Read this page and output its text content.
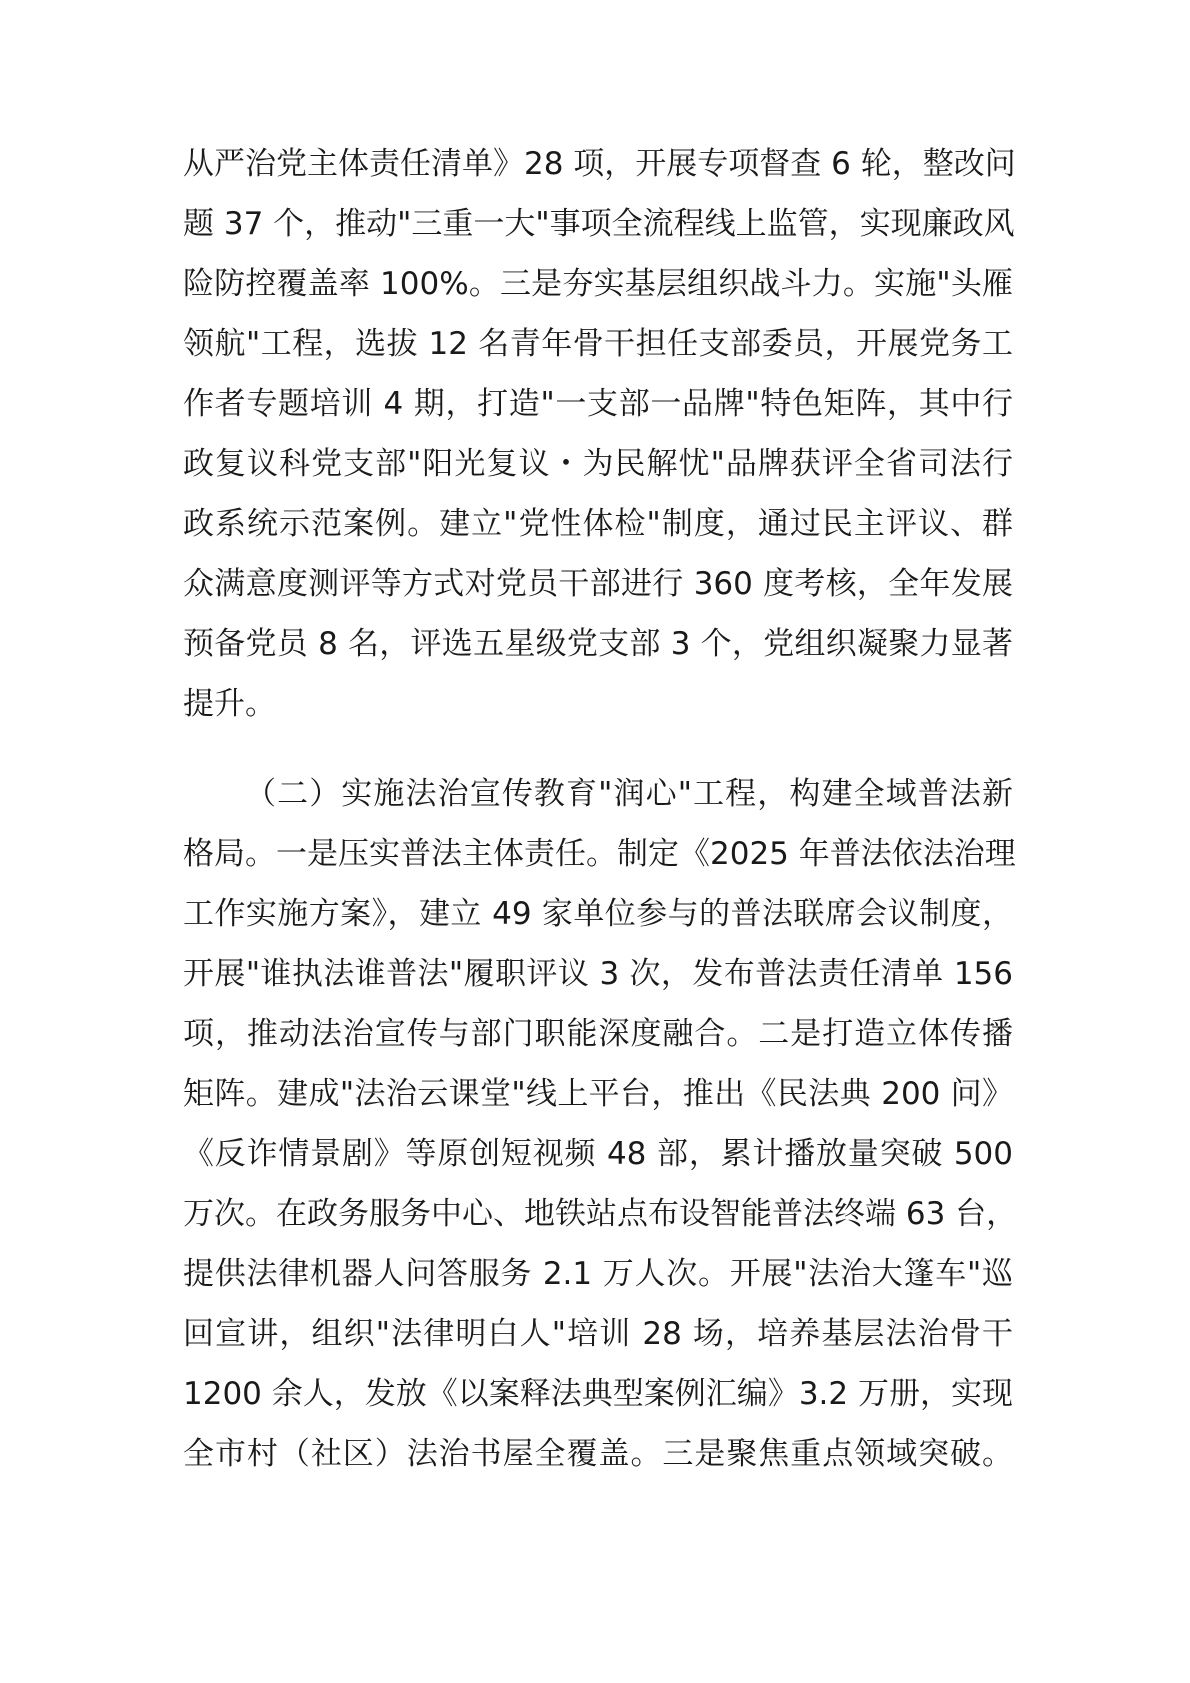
从严治党主体责任清单》28 项，开展专项督查 6 轮，整改问
题 37 个，推动"三重一大"事项全流程线上监管，实现廉政风
险防控覆盖率 100%。三是夯实基层组织战斗力。实施"头雁
领航"工程，选拔 12 名青年骨干担任支部委员，开展党务工
作者专题培训 4 期，打造"一支部一品牌"特色矩阵，其中行
政复议科党支部"阳光复议・为民解忧"品牌获评全省司法行
政系统示范案例。建立"党性体检"制度，通过民主评议、群
众满意度测评等方式对党员干部进行 360 度考核，全年发展
预备党员 8 名，评选五星级党支部 3 个，党组织凝聚力显著
提升。
（二）实施法治宣传教育"润心"工程，构建全域普法新
格局。一是压实普法主体责任。制定《2025 年普法依法治理
工作实施方案》，建立 49 家单位参与的普法联席会议制度，
开展"谁执法谁普法"履职评议 3 次，发布普法责任清单 156
项，推动法治宣传与部门职能深度融合。二是打造立体传播
矩阵。建成"法治云课堂"线上平台，推出《民法典 200 问》
《反诈情景剧》等原创短视频 48 部，累计播放量突破 500
万次。在政务服务中心、地铁站点布设智能普法终端 63 台，
提供法律机器人问答服务 2.1 万人次。开展"法治大篷车"巡
回宣讲，组织"法律明白人"培训 28 场，培养基层法治骨干
1200 余人，发放《以案释法典型案例汇编》3.2 万册，实现
全市村（社区）法治书屋全覆盖。三是聚焦重点领域突破。
